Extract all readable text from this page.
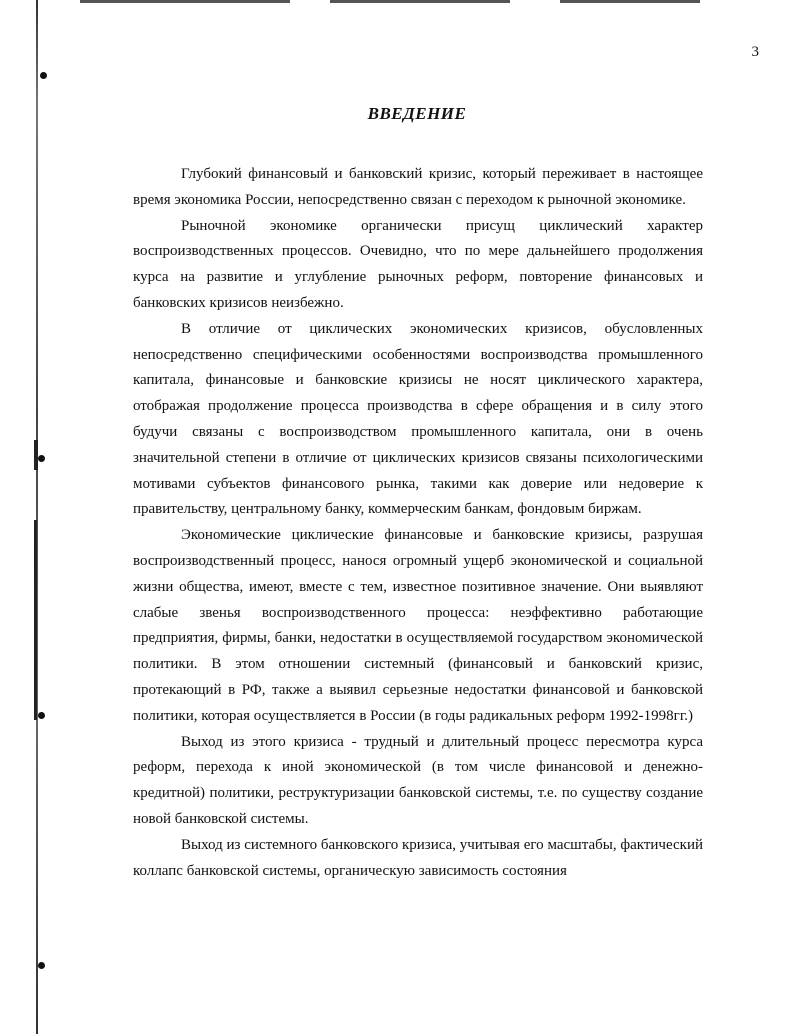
3
ВВЕДЕНИЕ

Глубокий финансовый и банковский кризис, который переживает в настоящее время экономика России, непосредственно связан с переходом к рыночной экономике.

Рыночной экономике органически присущ циклический характер воспроизводственных процессов. Очевидно, что по мере дальнейшего продолжения курса на развитие и углубление рыночных реформ, повторение финансовых и банковских кризисов неизбежно.

В отличие от циклических экономических кризисов, обусловленных непосредственно специфическими особенностями воспроизводства промышленного капитала, финансовые и банковские кризисы не носят циклического характера, отображая продолжение процесса производства в сфере обращения и в силу этого будучи связаны с воспроизводством промышленного капитала, они в очень значительной степени в отличие от циклических кризисов связаны психологическими мотивами субъектов финансового рынка, такими как доверие или недоверие к правительству, центральному банку, коммерческим банкам, фондовым биржам.

Экономические циклические финансовые и банковские кризисы, разрушая воспроизводственный процесс, нанося огромный ущерб экономической и социальной жизни общества, имеют, вместе с тем, известное позитивное значение. Они выявляют слабые звенья воспроизводственного процесса: неэффективно работающие предприятия, фирмы, банки, недостатки в осуществляемой государством экономической политики. В этом отношении системный (финансовый и банковский кризис, протекающий в РФ, также а выявил серьезные недостатки финансовой и банковской политики, которая осуществляется в России (в годы радикальных реформ 1992-1998гг.)

Выход из этого кризиса - трудный и длительный процесс пересмотра курса реформ, перехода к иной экономической (в том числе финансовой и денежно-кредитной) политики, реструктуризации банковской системы, т.е. по существу создание новой банковской системы.

Выход из системного банковского кризиса, учитывая его масштабы, фактический коллапс банковской системы, органическую зависимость состояния
